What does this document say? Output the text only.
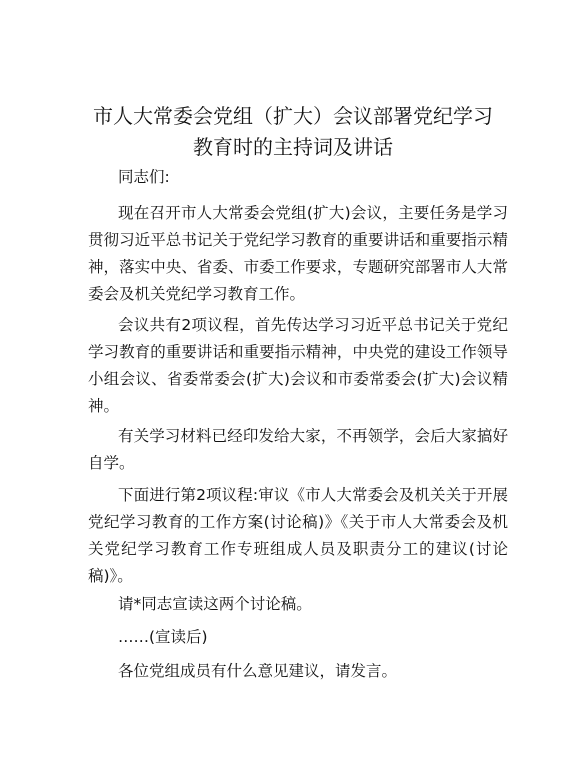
市人大常委会党组（扩大）会议部署党纪学习
教育时的主持词及讲话

同志们:

现在召开市人大常委会党组(扩大)会议，主要任务是学习贯彻习近平总书记关于党纪学习教育的重要讲话和重要指示精神，落实中央、省委、市委工作要求，专题研究部署市人大常委会及机关党纪学习教育工作。

会议共有2项议程，首先传达学习习近平总书记关于党纪学习教育的重要讲话和重要指示精神，中央党的建设工作领导小组会议、省委常委会(扩大)会议和市委常委会(扩大)会议精神。

有关学习材料已经印发给大家，不再领学，会后大家搞好自学。

下面进行第2项议程:审议《市人大常委会及机关关于开展党纪学习教育的工作方案(讨论稿)》《关于市人大常委会及机关党纪学习教育工作专班组成人员及职责分工的建议(讨论稿)》。

请*同志宣读这两个讨论稿。

……(宣读后)

各位党组成员有什么意见建议，请发言。
